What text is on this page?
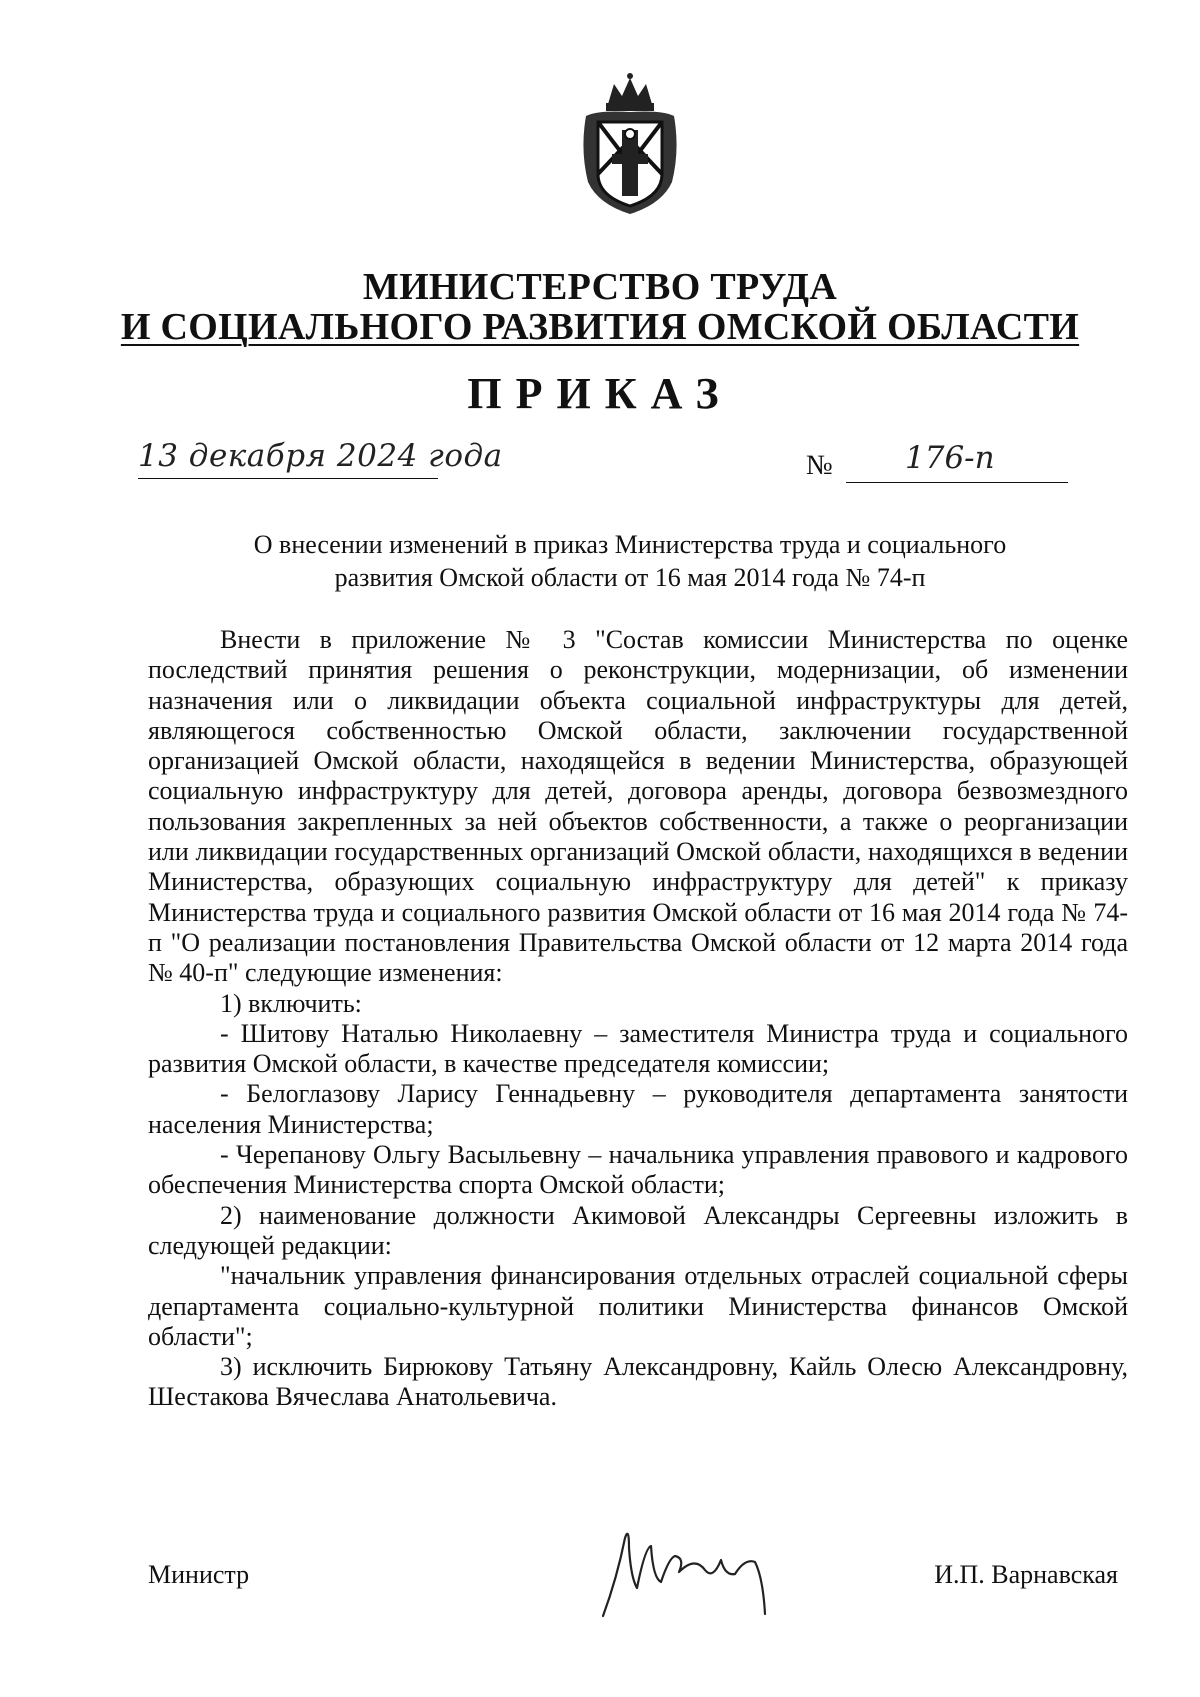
МИНИСТЕРСТВО ТРУДА
И СОЦИАЛЬНОГО РАЗВИТИЯ ОМСКОЙ ОБЛАСТИ
ПРИКАЗ
13 декабря 2024 года	№ 176-п
О внесении изменений в приказ Министерства труда и социального
развития Омской области от 16 мая 2014 года № 74-п

Внести в приложение № 3 "Состав комиссии Министерства по оценке последствий принятия решения о реконструкции, модернизации, об изменении назначения или о ликвидации объекта социальной инфраструктуры для детей, являющегося собственностью Омской области, заключении государственной организацией Омской области, находящейся в ведении Министерства, образующей социальную инфраструктуру для детей, договора аренды, договора безвозмездного пользования закрепленных за ней объектов собственности, а также о реорганизации или ликвидации государственных организаций Омской области, находящихся в ведении Министерства, образующих социальную инфраструктуру для детей" к приказу Министерства труда и социального развития Омской области от 16 мая 2014 года № 74-п "О реализации постановления Правительства Омской области от 12 марта 2014 года № 40-п" следующие изменения:

1) включить:

- Шитову Наталью Николаевну – заместителя Министра труда и социального развития Омской области, в качестве председателя комиссии;

- Белоглазову Ларису Геннадьевну – руководителя департамента занятости населения Министерства;

- Черепанову Ольгу Васыльевну – начальника управления правового и кадрового обеспечения Министерства спорта Омской области;

2) наименование должности Акимовой Александры Сергеевны изложить в следующей редакции:

"начальник управления финансирования отдельных отраслей социальной сферы департамента социально-культурной политики Министерства финансов Омской области";

3) исключить Бирюкову Татьяну Александровну, Кайль Олесю Александровну, Шестакова Вячеслава Анатольевича.

Министр	И.П. Варнавская
